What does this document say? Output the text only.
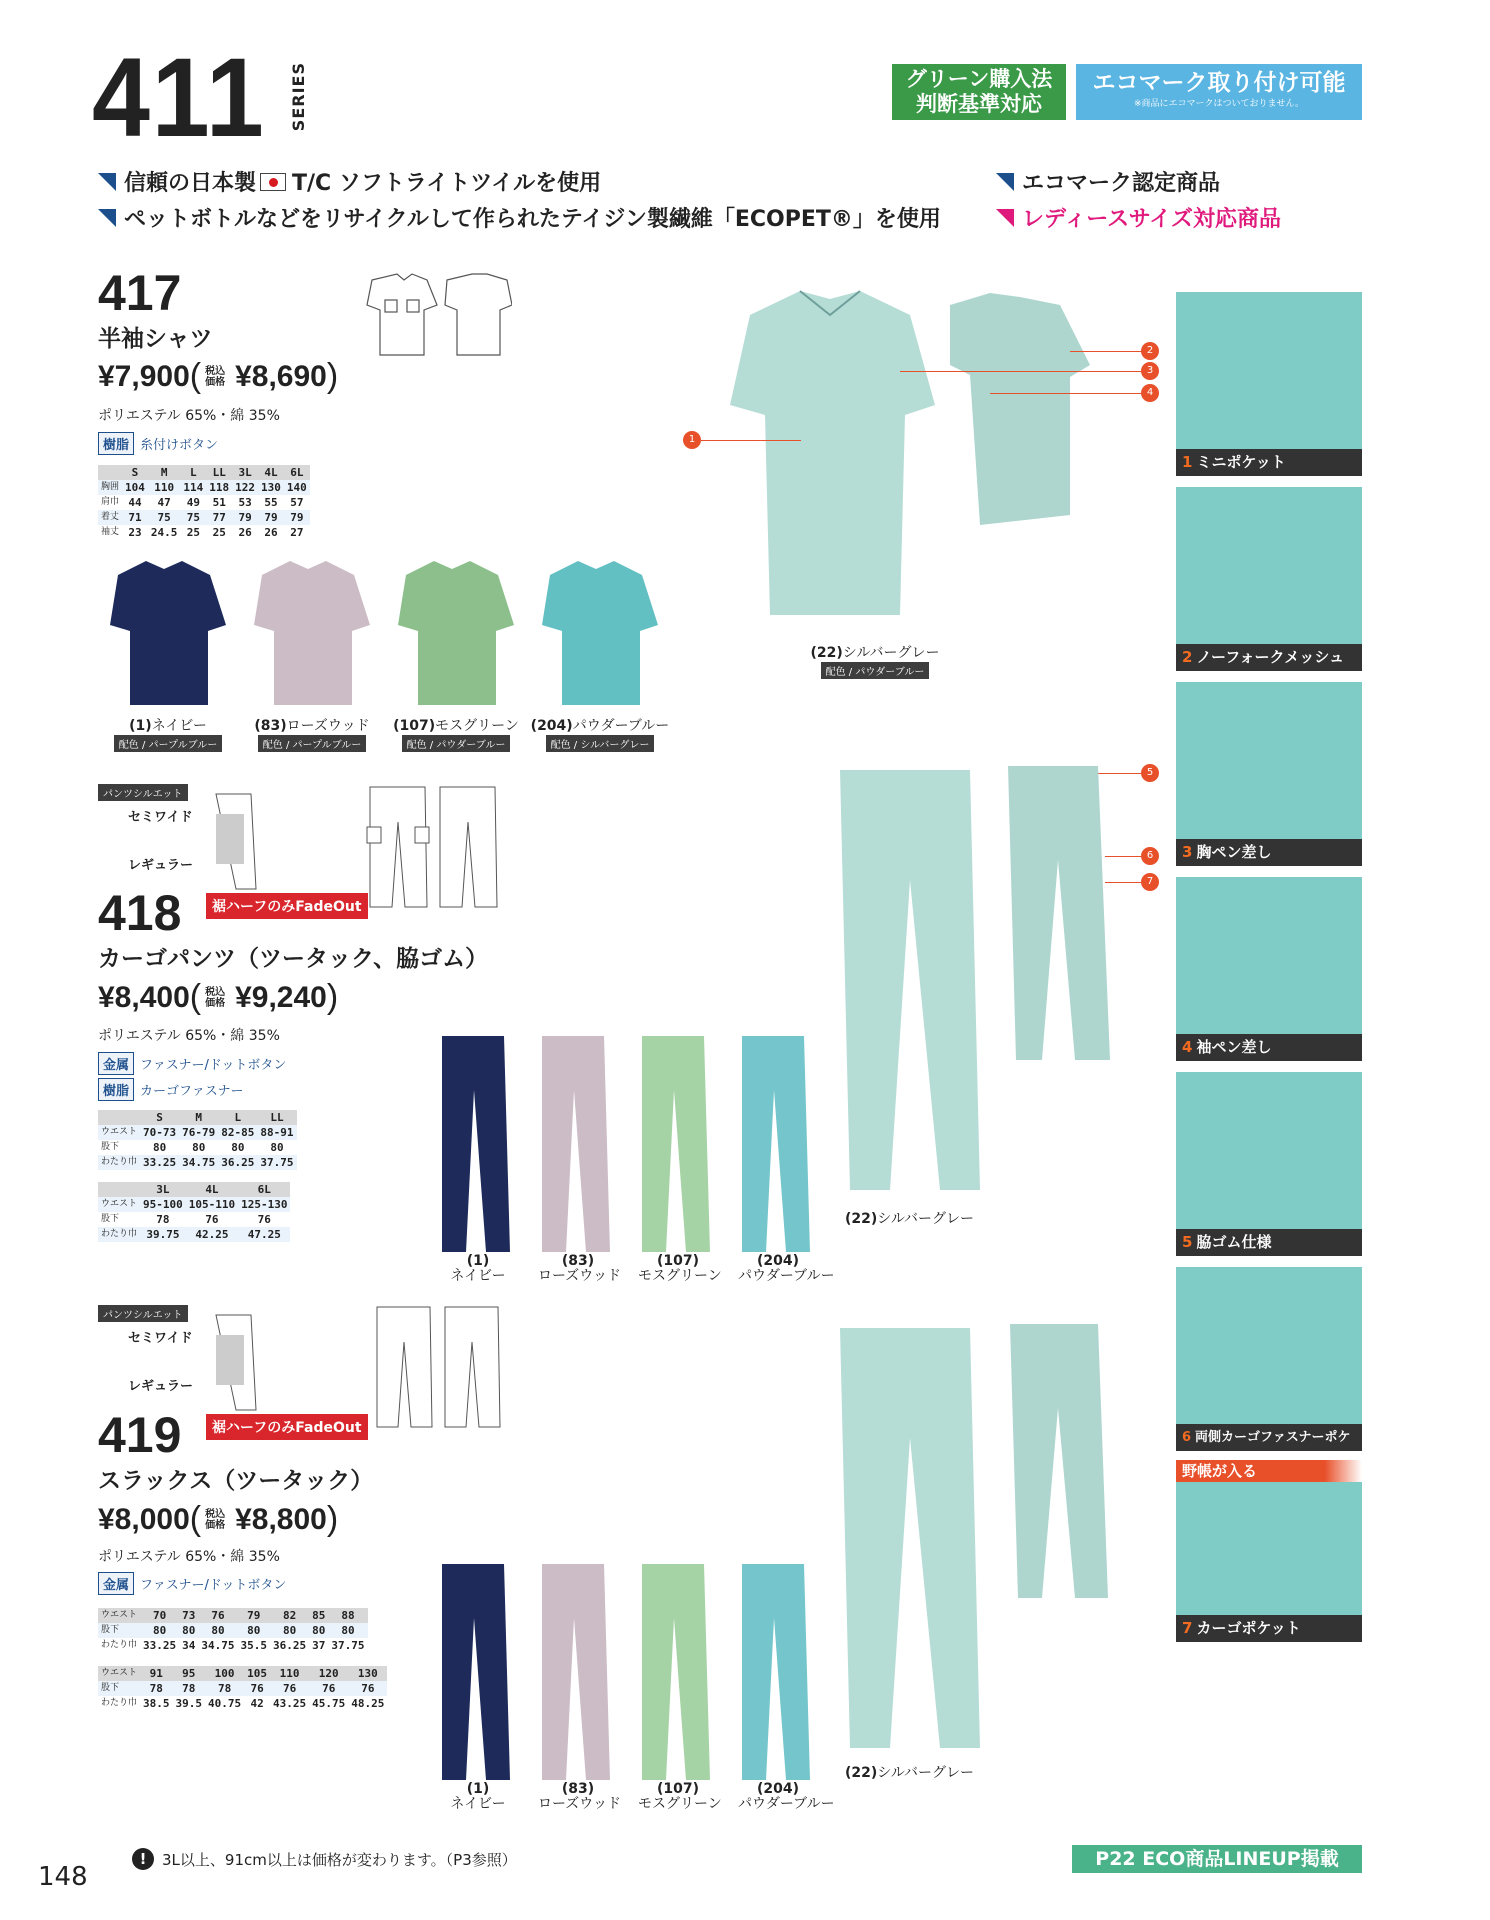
411 SERIES	グリーン購入法
判断基準対応
エコマーク取り付け可能
※商品にエコマークはついておりません。
信頼の日本製 T/C ソフトライトツイルを使用
ペットボトルなどをリサイクルして作られたテイジン製繊維「ECOPET®」を使用
エコマーク認定商品
レディースサイズ対応商品
417
半袖シャツ
¥7,900 ( 税込価格 ¥8,690 )
ポリエステル 65%・綿 35%
樹脂 糸付けボタン
	S	M	L	LL	3L	4L	6L
胸囲	104	110	114	118	122	130	140
肩巾	44	47	49	51	53	55	57
着丈	71	75	75	77	79	79	79
袖丈	23	24.5	25	25	26	26	27
(1)ネイビー
配色 / パープルブルー
(83)ローズウッド
配色 / パープルブルー
(107)モスグリーン
配色 / パウダーブルー
(204)パウダーブルー
配色 / シルバーグレー
(22)シルバーグレー
配色 / パウダーブルー
1
2
3
4
5
6
7
パンツシルエット
セミワイド
レギュラー
418	裾ハーフのみFadeOut
カーゴパンツ（ツータック、脇ゴム）
¥8,400 ( 税込価格 ¥9,240 )
ポリエステル 65%・綿 35%
金属 ファスナー/ドットボタン
樹脂 カーゴファスナー
	S	M	L	LL
ウエスト	70-73	76-79	82-85	88-91
股下	80	80	80	80
わたり巾	33.25	34.75	36.25	37.75
	3L	4L	6L
ウエスト	95-100	105-110	125-130
股下	78	76	76
わたり巾	39.75	42.25	47.25
(1)
ネイビー
(83)
ローズウッド
(107)
モスグリーン
(204)
パウダーブルー
(22)シルバーグレー
パンツシルエット
セミワイド
レギュラー
419	裾ハーフのみFadeOut
スラックス（ツータック）
¥8,000 ( 税込価格 ¥8,800 )
ポリエステル 65%・綿 35%
金属 ファスナー/ドットボタン
ウエスト	70	73	76	79	82	85	88
股下	80	80	80	80	80	80	80
わたり巾	33.25	34	34.75	35.5	36.25	37	37.75
ウエスト	91	95	100	105	110	120	130
股下	78	78	78	76	76	76	76
わたり巾	38.5	39.5	40.75	42	43.25	45.75	48.25
(1)
ネイビー
(83)
ローズウッド
(107)
モスグリーン
(204)
パウダーブルー
(22)シルバーグレー
1 ミニポケット
2 ノーフォークメッシュ
3 胸ペン差し
4 袖ペン差し
5 脇ゴム仕様
6 両側カーゴファスナーポケ
野帳が入る
7 カーゴポケット
!	3L以上、91cm以上は価格が変わります。（P3参照）	P22 ECO商品LINEUP掲載
148
